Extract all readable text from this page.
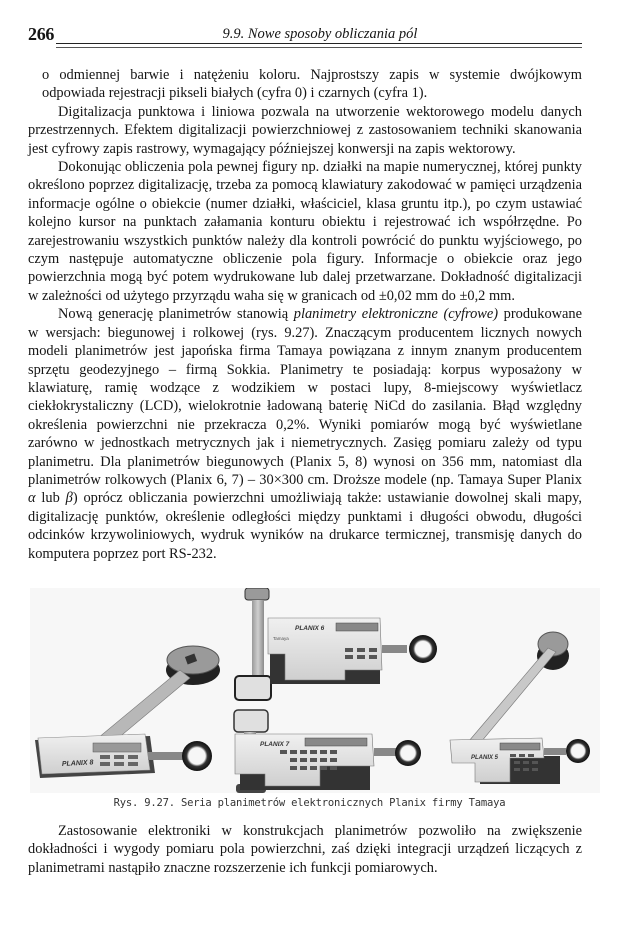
266	9.9. Nowe sposoby obliczania pól

o odmiennej barwie i natężeniu koloru. Najprostszy zapis w systemie dwójkowym odpowiada rejestracji pikseli białych (cyfra 0) i czarnych (cyfra 1).

Digitalizacja punktowa i liniowa pozwala na utworzenie wektorowego modelu danych przestrzennych. Efektem digitalizacji powierzchniowej z zastosowaniem techniki skanowania jest cyfrowy zapis rastrowy, wymagający późniejszej konwersji na zapis wektorowy.

Dokonując obliczenia pola pewnej figury np. działki na mapie numerycznej, której punkty określono poprzez digitalizację, trzeba za pomocą klawiatury zakodować w pamięci urządzenia informacje ogólne o obiekcie (numer działki, właściciel, klasa gruntu itp.), po czym ustawiać kolejno kursor na punktach załamania konturu obiektu i rejestrować ich współrzędne. Po zarejestrowaniu wszystkich punktów należy dla kontroli powrócić do punktu wyjściowego, po czym następuje automatyczne obliczenie pola figury. Informacje o obiekcie oraz jego powierzchnia mogą być potem wydrukowane lub dalej przetwarzane. Dokładność digitalizacji w zależności od użytego przyrządu waha się w granicach od ±0,02 mm do ±0,2 mm.

Nową generację planimetrów stanowią planimetry elektroniczne (cyfrowe) produkowane w wersjach: biegunowej i rolkowej (rys. 9.27). Znaczącym producentem licznych nowych modeli planimetrów jest japońska firma Tamaya powiązana z innym znanym producentem sprzętu geodezyjnego – firmą Sokkia. Planimetry te posiadają: korpus wyposażony w klawiaturę, ramię wodzące z wodzikiem w postaci lupy, 8-miejscowy wyświetlacz ciekłokrystaliczny (LCD), wielokrotnie ładowaną baterię NiCd do zasilania. Błąd względny określenia powierzchni nie przekracza 0,2%. Wyniki pomiarów mogą być wyświetlane zarówno w jednostkach metrycznych jak i niemetrycznych. Zasięg pomiaru zależy od typu planimetru. Dla planimetrów biegunowych (Planix 5, 8) wynosi on 356 mm, natomiast dla planimetrów rolkowych (Planix 6, 7) – 30×300 cm. Droższe modele (np. Tamaya Super Planix α lub β) oprócz obliczania powierzchni umożliwiają także: ustawianie dowolnej skali mapy, digitalizację punktów, określenie odległości między punktami i długości obwodu, długości odcinków krzywoliniowych, wydruk wyników na drukarce termicznej, transmisję danych do komputera poprzez port RS-232.

PLANIX 8
PLANIX 6
Tamaya
PLANIX 7
PLANIX 5
Rys. 9.27. Seria planimetrów elektronicznych Planix firmy Tamaya

Zastosowanie elektroniki w konstrukcjach planimetrów pozwoliło na zwiększenie dokładności i wygody pomiaru pola powierzchni, zaś dzięki integracji urządzeń liczących z planimetrami nastąpiło znaczne rozszerzenie ich funkcji pomiarowych.
